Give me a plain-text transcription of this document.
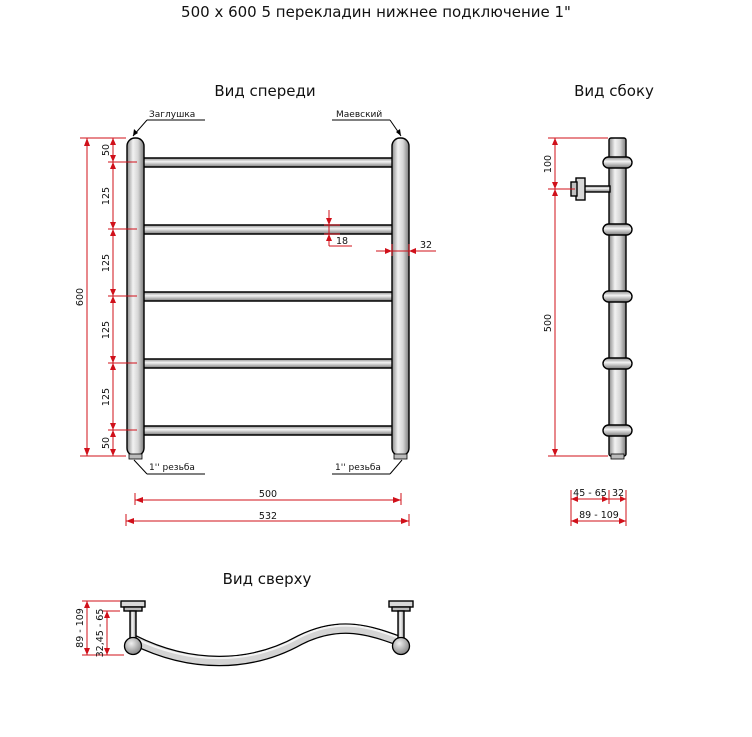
500 x 600 5 перекладин нижнее подключение 1"
Вид спереди
Заглушка	Маевский
1'' резьба	1'' резьба
600
50
125
125
125
125
50
18	32
500
532
Вид сбоку
100
500
45 - 65 32
89 - 109
Вид сверху
89 - 109 32,45 - 65
